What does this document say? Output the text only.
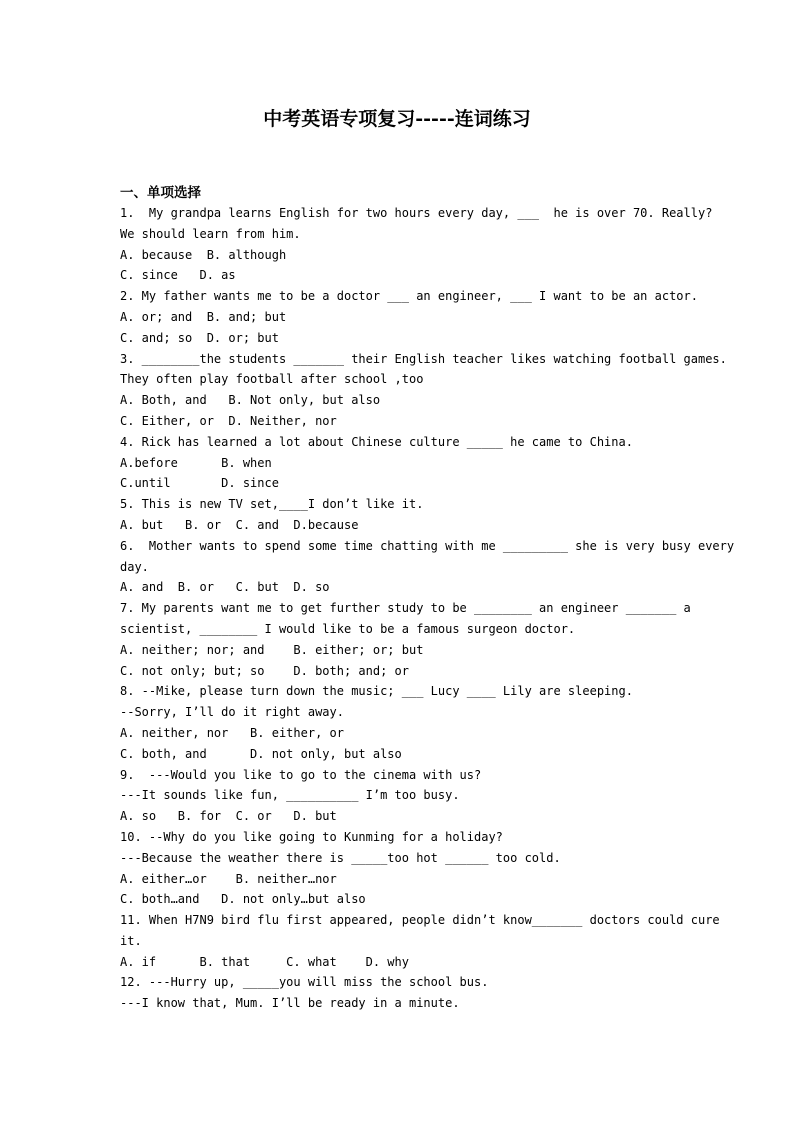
中考英语专项复习-----连词练习
一、单项选择
1.  My grandpa learns English for two hours every day, ___  he is over 70. Really?
We should learn from him.
A. because  B. although
C. since   D. as
2. My father wants me to be a doctor ___ an engineer, ___ I want to be an actor.
A. or; and  B. and; but
C. and; so  D. or; but
3. ________the students _______ their English teacher likes watching football games.
They often play football after school ,too
A. Both, and   B. Not only, but also
C. Either, or  D. Neither, nor
4. Rick has learned a lot about Chinese culture _____ he came to China.
A.before      B. when
C.until       D. since
5. This is new TV set,____I don’t like it.
A. but   B. or  C. and  D.because
6.  Mother wants to spend some time chatting with me _________ she is very busy every
day.
A. and  B. or   C. but  D. so
7. My parents want me to get further study to be ________ an engineer _______ a
scientist, ________ I would like to be a famous surgeon doctor.
A. neither; nor; and    B. either; or; but
C. not only; but; so    D. both; and; or
8. --Mike, please turn down the music; ___ Lucy ____ Lily are sleeping.
--Sorry, I’ll do it right away.
A. neither, nor   B. either, or
C. both, and      D. not only, but also
9.  ---Would you like to go to the cinema with us?
---It sounds like fun, __________ I’m too busy.
A. so   B. for  C. or   D. but
10. --Why do you like going to Kunming for a holiday?
---Because the weather there is _____too hot ______ too cold.
A. either…or    B. neither…nor
C. both…and   D. not only…but also
11. When H7N9 bird flu first appeared, people didn’t know_______ doctors could cure
it.
A. if      B. that     C. what    D. why
12. ---Hurry up, _____you will miss the school bus.
---I know that, Mum. I’ll be ready in a minute.
